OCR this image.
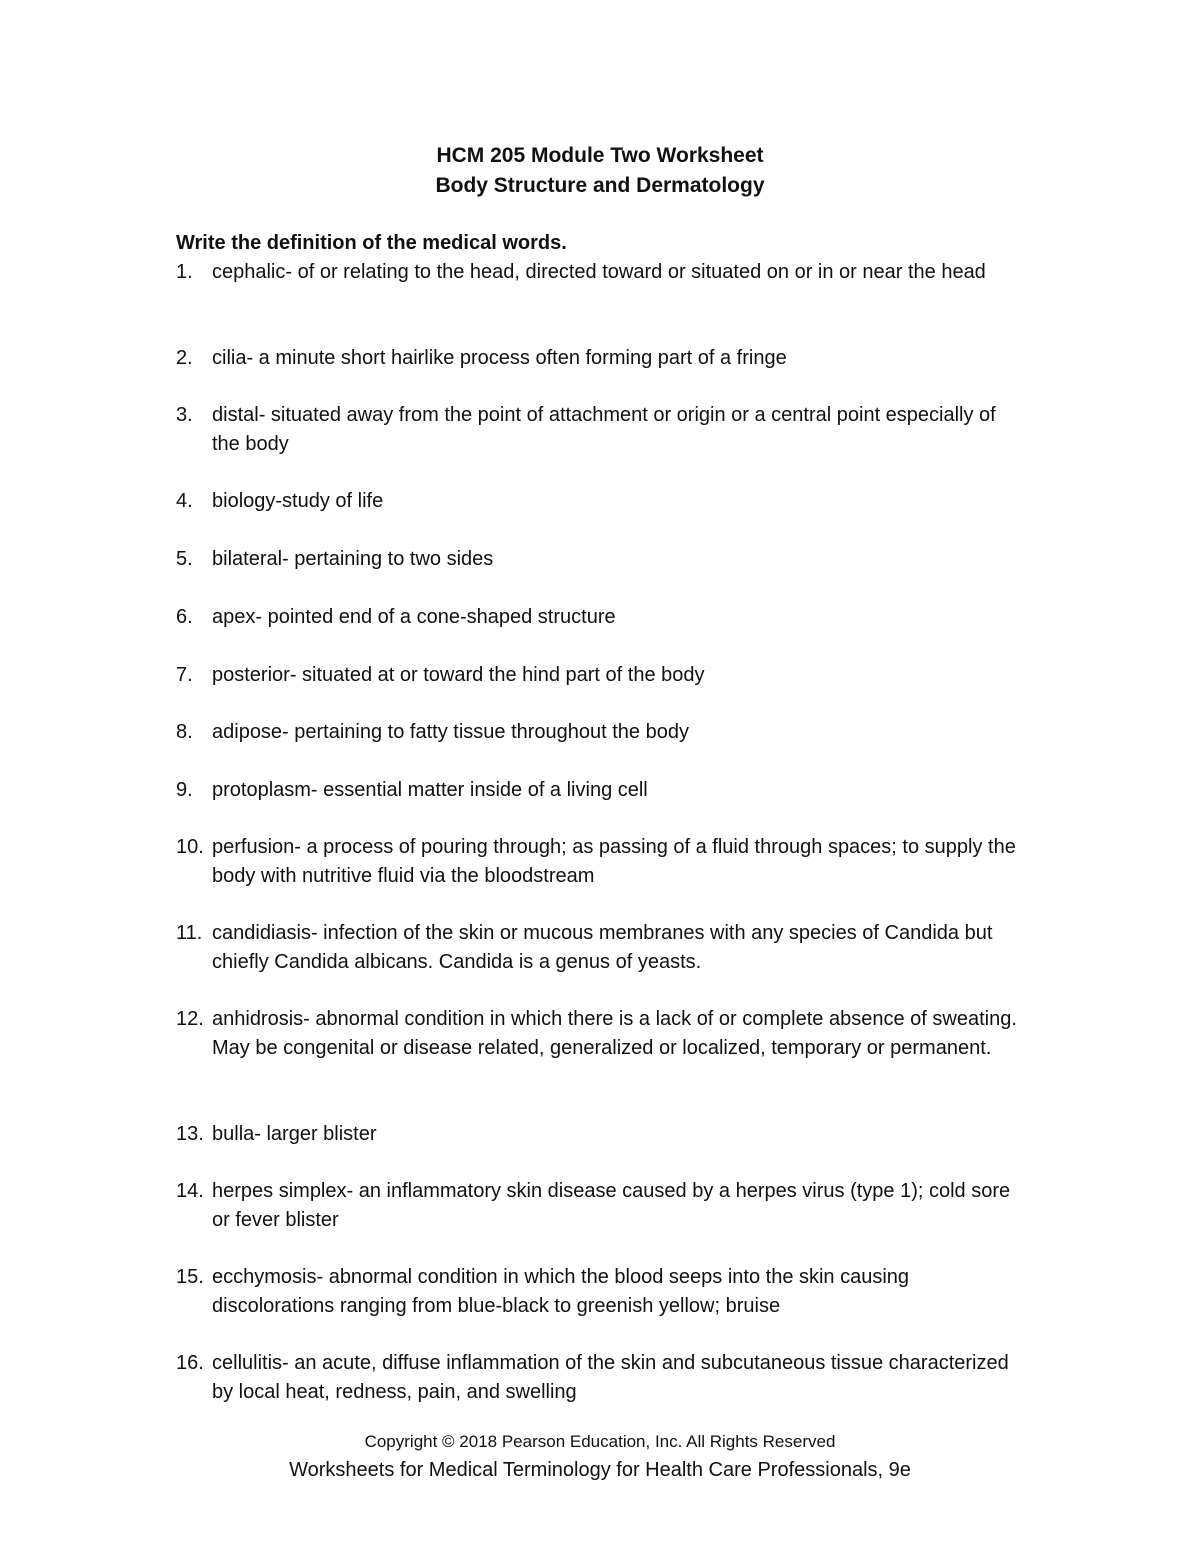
HCM 205 Module Two Worksheet
Body Structure and Dermatology

Write the definition of the medical words.

1. cephalic- of or relating to the head, directed toward or situated on or in or near the head
2. cilia- a minute short hairlike process often forming part of a fringe
3. distal- situated away from the point of attachment or origin or a central point especially of the body
4. biology-study of life
5. bilateral- pertaining to two sides
6. apex- pointed end of a cone-shaped structure
7. posterior- situated at or toward the hind part of the body
8. adipose- pertaining to fatty tissue throughout the body
9. protoplasm- essential matter inside of a living cell
10. perfusion- a process of pouring through; as passing of a fluid through spaces; to supply the body with nutritive fluid via the bloodstream
11. candidiasis- infection of the skin or mucous membranes with any species of Candida but chiefly Candida albicans. Candida is a genus of yeasts.
12. anhidrosis- abnormal condition in which there is a lack of or complete absence of sweating. May be congenital or disease related, generalized or localized, temporary or permanent.
13. bulla- larger blister
14. herpes simplex- an inflammatory skin disease caused by a herpes virus (type 1); cold sore or fever blister
15. ecchymosis- abnormal condition in which the blood seeps into the skin causing discolorations ranging from blue-black to greenish yellow; bruise
16. cellulitis- an acute, diffuse inflammation of the skin and subcutaneous tissue characterized by local heat, redness, pain, and swelling
Copyright © 2018 Pearson Education, Inc. All Rights Reserved
Worksheets for Medical Terminology for Health Care Professionals, 9e
